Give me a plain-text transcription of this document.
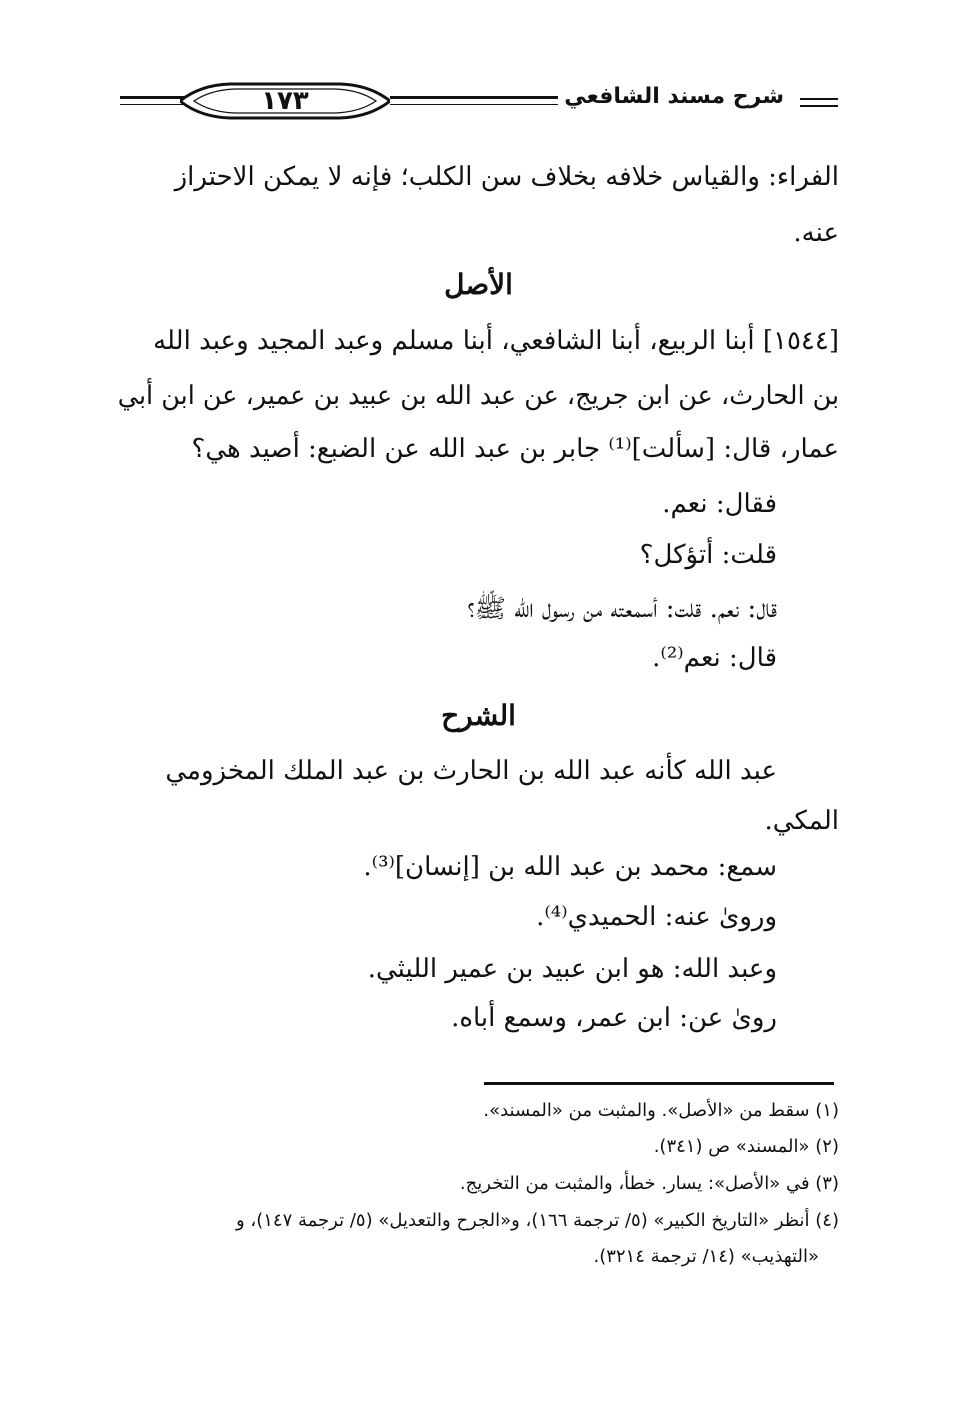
١٧٣	شرح مسند الشافعي
الفراء: والقياس خلافه بخلاف سن الكلب؛ فإنه لا يمكن الاحتراز
عنه.
الأصل
[١٥٤٤] أبنا الربيع، أبنا الشافعي، أبنا مسلم وعبد المجيد وعبد الله
بن الحارث، عن ابن جريج، عن عبد الله بن عبيد بن عمير، عن ابن أبي
عمار، قال: [سألت]⁽¹⁾ جابر بن عبد الله عن الضبع: أصيد هي؟
فقال: نعم.
قلت: أتؤكل؟
قال: نعم. قلت: أسمعته من رسول الله ﷺ؟
قال: نعم⁽²⁾.
الشرح
عبد الله كأنه عبد الله بن الحارث بن عبد الملك المخزومي
المكي.
سمع: محمد بن عبد الله بن [إنسان]⁽³⁾.
وروىٰ عنه: الحميدي⁽⁴⁾.
وعبد الله: هو ابن عبيد بن عمير الليثي.
روىٰ عن: ابن عمر، وسمع أباه.
(١) سقط من «الأصل». والمثبت من «المسند».
(٢) «المسند» ص (٣٤١).
(٣) في «الأصل»: يسار. خطأ، والمثبت من التخريج.
(٤) أنظر «التاريخ الكبير» (٥/ ترجمة ١٦٦)، و«الجرح والتعديل» (٥/ ترجمة ١٤٧)، و
«التهذيب» (١٤/ ترجمة ٣٢١٤).
